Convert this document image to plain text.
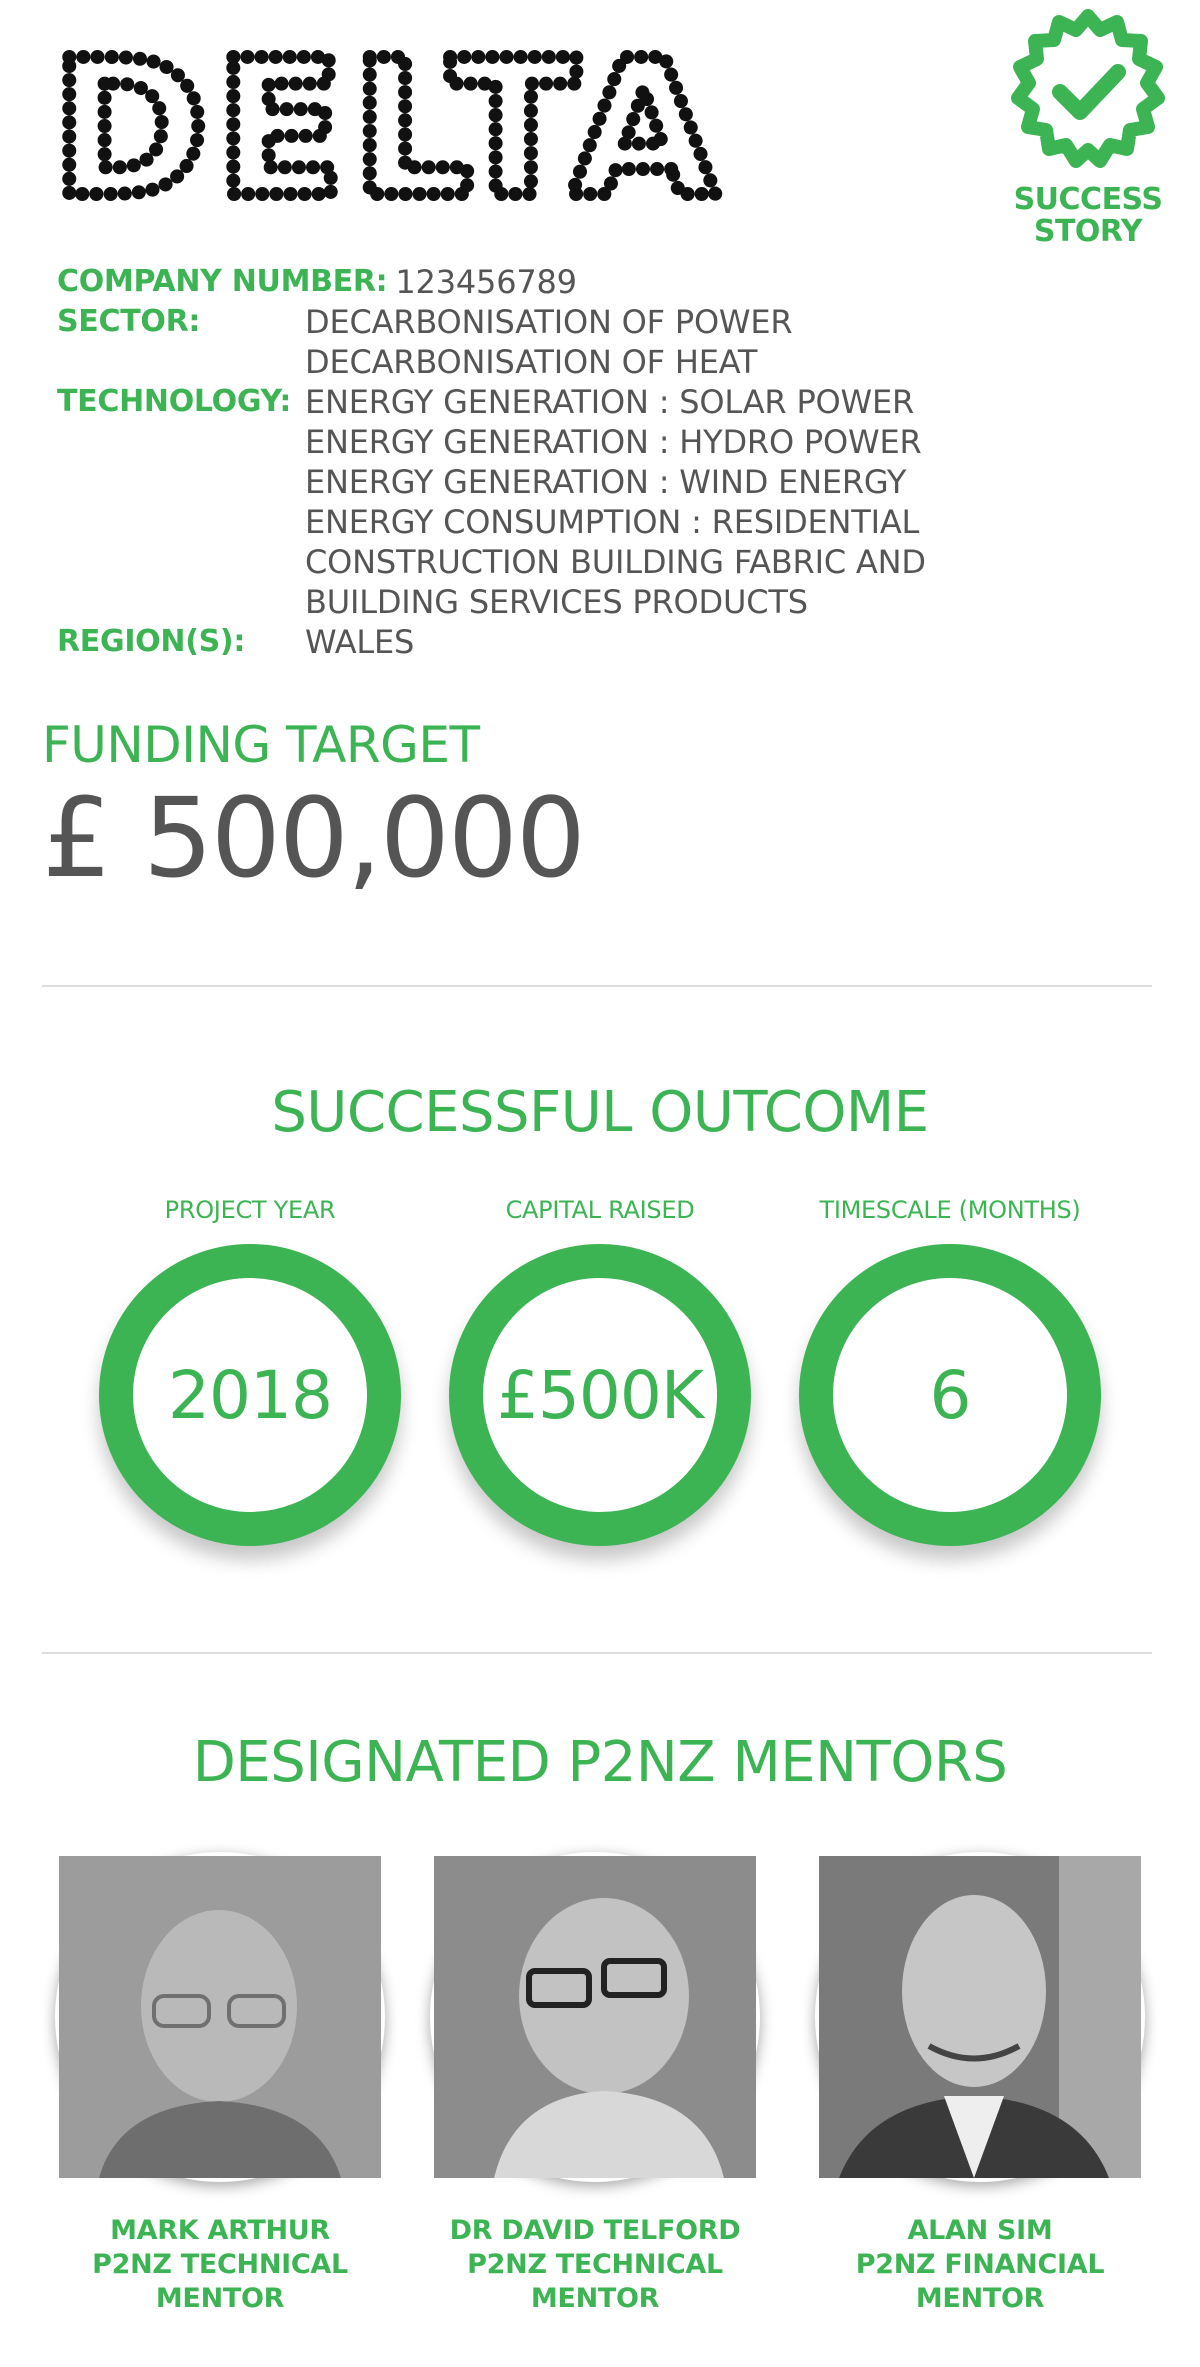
DELTA	SUCCESS
STORY
COMPANY NUMBER: 123456789
SECTOR:	DECARBONISATION OF POWER
DECARBONISATION OF HEAT
TECHNOLOGY: ENERGY GENERATION : SOLAR POWER
ENERGY GENERATION : HYDRO POWER
ENERGY GENERATION : WIND ENERGY
ENERGY CONSUMPTION : RESIDENTIAL
CONSTRUCTION BUILDING FABRIC AND
BUILDING SERVICES PRODUCTS
REGION(S):	WALES
FUNDING TARGET
£ 500,000
SUCCESSFUL OUTCOME
PROJECT YEAR
2018
CAPITAL RAISED
£500K
TIMESCALE (MONTHS)
6
DESIGNATED P2NZ MENTORS
MARK ARTHUR
P2NZ TECHNICAL
MENTOR
DR DAVID TELFORD
P2NZ TECHNICAL
MENTOR
ALAN SIM
P2NZ FINANCIAL
MENTOR
